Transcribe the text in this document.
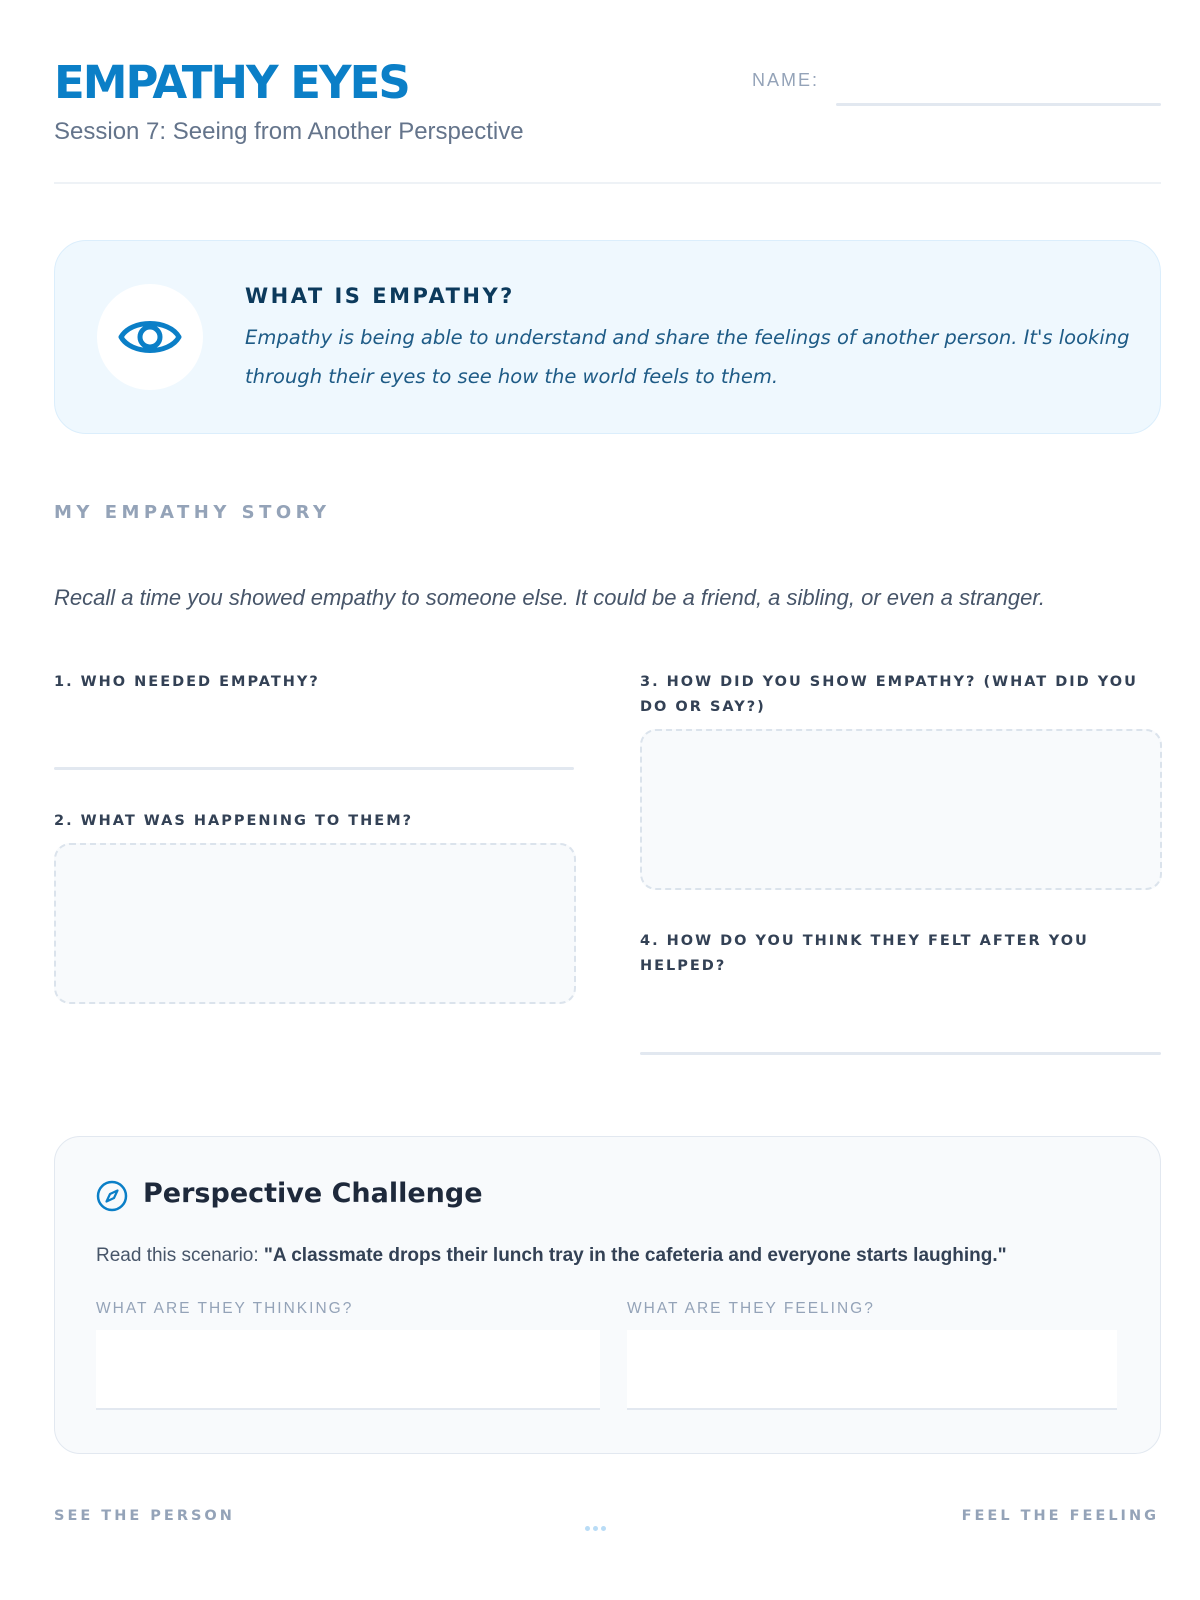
EMPATHY EYES
Session 7: Seeing from Another Perspective
NAME:
WHAT IS EMPATHY?
Empathy is being able to understand and share the feelings of another person. It's looking through their eyes to see how the world feels to them.
MY EMPATHY STORY
Recall a time you showed empathy to someone else. It could be a friend, a sibling, or even a stranger.
1. WHO NEEDED EMPATHY?
2. WHAT WAS HAPPENING TO THEM?
3. HOW DID YOU SHOW EMPATHY? (WHAT DID YOU DO OR SAY?)
4. HOW DO YOU THINK THEY FELT AFTER YOU HELPED?
Perspective Challenge
Read this scenario: "A classmate drops their lunch tray in the cafeteria and everyone starts laughing."
WHAT ARE THEY THINKING?	WHAT ARE THEY FEELING?
SEE THE PERSON	FEEL THE FEELING
